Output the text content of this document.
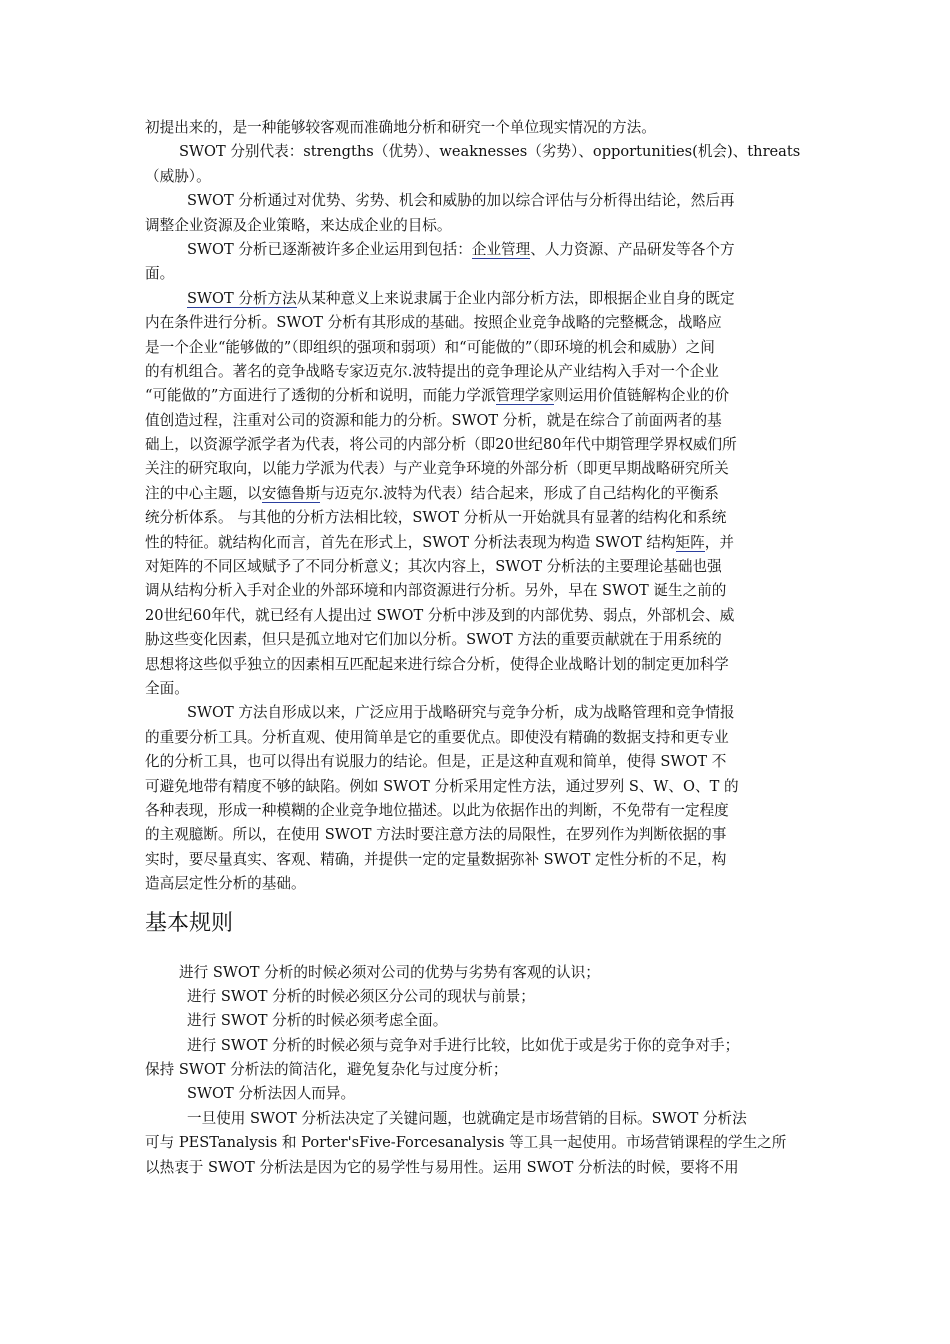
初提出来的，是一种能够较客观而准确地分析和研究一个单位现实情况的方法。
SWOT 分别代表：strengths（优势）、weaknesses（劣势）、opportunities(机会)、threats
（威胁）。
SWOT 分析通过对优势、劣势、机会和威胁的加以综合评估与分析得出结论，然后再
调整企业资源及企业策略，来达成企业的目标。
SWOT 分析已逐渐被许多企业运用到包括：企业管理、人力资源、产品研发等各个方
面。
SWOT 分析方法从某种意义上来说隶属于企业内部分析方法，即根据企业自身的既定
内在条件进行分析。SWOT 分析有其形成的基础。按照企业竞争战略的完整概念，战略应
是一个企业“能够做的”（即组织的强项和弱项）和“可能做的”（即环境的机会和威胁）之间
的有机组合。著名的竞争战略专家迈克尔.波特提出的竞争理论从产业结构入手对一个企业
“可能做的”方面进行了透彻的分析和说明，而能力学派管理学家则运用价值链解构企业的价
值创造过程，注重对公司的资源和能力的分析。SWOT 分析，就是在综合了前面两者的基
础上，以资源学派学者为代表，将公司的内部分析（即20世纪80年代中期管理学界权威们所
关注的研究取向，以能力学派为代表）与产业竞争环境的外部分析（即更早期战略研究所关
注的中心主题，以安德鲁斯与迈克尔.波特为代表）结合起来，形成了自己结构化的平衡系
统分析体系。 与其他的分析方法相比较，SWOT 分析从一开始就具有显著的结构化和系统
性的特征。就结构化而言，首先在形式上，SWOT 分析法表现为构造 SWOT 结构矩阵，并
对矩阵的不同区域赋予了不同分析意义；其次内容上，SWOT 分析法的主要理论基础也强
调从结构分析入手对企业的外部环境和内部资源进行分析。另外，早在 SWOT 诞生之前的
20世纪60年代，就已经有人提出过 SWOT 分析中涉及到的内部优势、弱点，外部机会、威
胁这些变化因素，但只是孤立地对它们加以分析。SWOT 方法的重要贡献就在于用系统的
思想将这些似乎独立的因素相互匹配起来进行综合分析，使得企业战略计划的制定更加科学
全面。
SWOT 方法自形成以来，广泛应用于战略研究与竞争分析，成为战略管理和竞争情报
的重要分析工具。分析直观、使用简单是它的重要优点。即使没有精确的数据支持和更专业
化的分析工具，也可以得出有说服力的结论。但是，正是这种直观和简单，使得 SWOT 不
可避免地带有精度不够的缺陷。例如 SWOT 分析采用定性方法，通过罗列 S、W、O、T 的
各种表现，形成一种模糊的企业竞争地位描述。以此为依据作出的判断，不免带有一定程度
的主观臆断。所以，在使用 SWOT 方法时要注意方法的局限性，在罗列作为判断依据的事
实时，要尽量真实、客观、精确，并提供一定的定量数据弥补 SWOT 定性分析的不足，构
造高层定性分析的基础。
基本规则
进行 SWOT 分析的时候必须对公司的优势与劣势有客观的认识；
进行 SWOT 分析的时候必须区分公司的现状与前景；
进行 SWOT 分析的时候必须考虑全面。
进行 SWOT 分析的时候必须与竞争对手进行比较，比如优于或是劣于你的竞争对手；
保持 SWOT 分析法的简洁化，避免复杂化与过度分析；
SWOT 分析法因人而异。
一旦使用 SWOT 分析法决定了关键问题，也就确定是市场营销的目标。SWOT 分析法
可与 PESTanalysis 和 Porter'sFive-Forcesanalysis 等工具一起使用。市场营销课程的学生之所
以热衷于 SWOT 分析法是因为它的易学性与易用性。运用 SWOT 分析法的时候，要将不用
